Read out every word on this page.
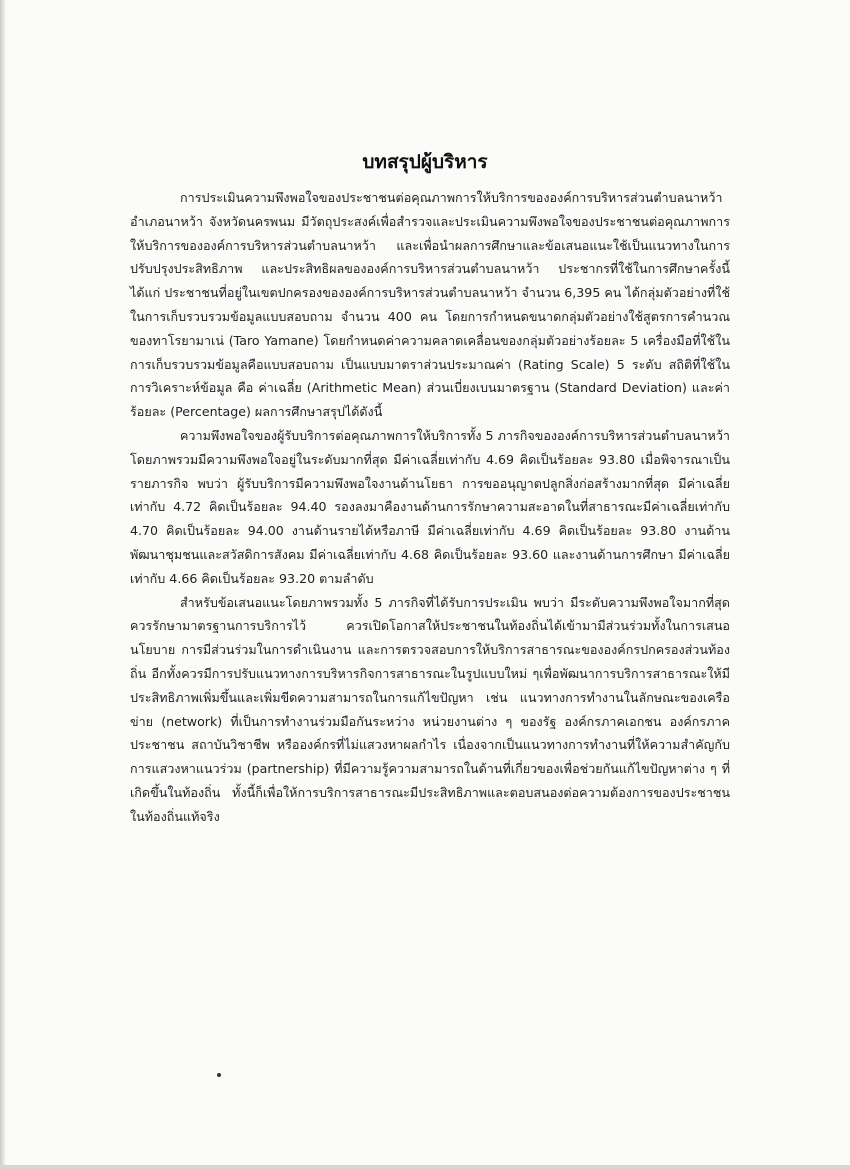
บทสรุปผู้บริหาร

การประเมินความพึงพอใจของประชาชนต่อคุณภาพการให้บริการขององค์การบริหารส่วนตำบลนาหว้า อำเภอนาหว้า จังหวัดนครพนม มีวัตถุประสงค์เพื่อสำรวจและประเมินความพึงพอใจของประชาชนต่อคุณภาพการให้บริการขององค์การบริหารส่วนตำบลนาหว้า และเพื่อนำผลการศึกษาและข้อเสนอแนะใช้เป็นแนวทางในการปรับปรุงประสิทธิภาพ และประสิทธิผลขององค์การบริหารส่วนตำบลนาหว้า ประชากรที่ใช้ในการศึกษาครั้งนี้ได้แก่ ประชาชนที่อยู่ในเขตปกครองขององค์การบริหารส่วนตำบลนาหว้า จำนวน 6,395 คน ได้กลุ่มตัวอย่างที่ใช้ในการเก็บรวบรวมข้อมูลแบบสอบถาม จำนวน 400 คน โดยการกำหนดขนาดกลุ่มตัวอย่างใช้สูตรการคำนวณของทาโรยามาเน่ (Taro Yamane) โดยกำหนดค่าความคลาดเคลื่อนของกลุ่มตัวอย่างร้อยละ 5 เครื่องมือที่ใช้ในการเก็บรวบรวมข้อมูลคือแบบสอบถาม เป็นแบบมาตราส่วนประมาณค่า (Rating Scale) 5 ระดับ สถิติที่ใช้ในการวิเคราะห์ข้อมูล คือ ค่าเฉลี่ย (Arithmetic Mean) ส่วนเบี่ยงเบนมาตรฐาน (Standard Deviation) และค่าร้อยละ (Percentage) ผลการศึกษาสรุปได้ดังนี้

ความพึงพอใจของผู้รับบริการต่อคุณภาพการให้บริการทั้ง 5 ภารกิจขององค์การบริหารส่วนตำบลนาหว้าโดยภาพรวมมีความพึงพอใจอยู่ในระดับมากที่สุด มีค่าเฉลี่ยเท่ากับ 4.69 คิดเป็นร้อยละ 93.80 เมื่อพิจารณาเป็นรายภารกิจ พบว่า ผู้รับบริการมีความพึงพอใจงานด้านโยธา การขออนุญาตปลูกสิ่งก่อสร้างมากที่สุด มีค่าเฉลี่ยเท่ากับ 4.72 คิดเป็นร้อยละ 94.40 รองลงมาคืองานด้านการรักษาความสะอาดในที่สาธารณะมีค่าเฉลี่ยเท่ากับ 4.70 คิดเป็นร้อยละ 94.00 งานด้านรายได้หรือภาษี มีค่าเฉลี่ยเท่ากับ 4.69 คิดเป็นร้อยละ 93.80 งานด้านพัฒนาชุมชนและสวัสดิการสังคม มีค่าเฉลี่ยเท่ากับ 4.68 คิดเป็นร้อยละ 93.60 และงานด้านการศึกษา มีค่าเฉลี่ยเท่ากับ 4.66 คิดเป็นร้อยละ 93.20 ตามลำดับ

สำหรับข้อเสนอแนะโดยภาพรวมทั้ง 5 ภารกิจที่ได้รับการประเมิน พบว่า มีระดับความพึงพอใจมากที่สุด ควรรักษามาตรฐานการบริการไว้ ควรเปิดโอกาสให้ประชาชนในท้องถิ่นได้เข้ามามีส่วนร่วมทั้งในการเสนอนโยบาย การมีส่วนร่วมในการดำเนินงาน และการตรวจสอบการให้บริการสาธารณะขององค์กรปกครองส่วนท้องถิ่น อีกทั้งควรมีการปรับแนวทางการบริหารกิจการสาธารณะในรูปแบบใหม่ ๆเพื่อพัฒนาการบริการสาธารณะให้มีประสิทธิภาพเพิ่มขึ้นและเพิ่มขีดความสามารถในการแก้ไขปัญหา เช่น แนวทางการทำงานในลักษณะของเครือข่าย (network) ที่เป็นการทำงานร่วมมือกันระหว่าง หน่วยงานต่าง ๆ ของรัฐ องค์กรภาคเอกชน องค์กรภาคประชาชน สถาบันวิชาชีพ หรือองค์กรที่ไม่แสวงหาผลกำไร เนื่องจากเป็นแนวทางการทำงานที่ให้ความสำคัญกับการแสวงหาแนวร่วม (partnership) ที่มีความรู้ความสามารถในด้านที่เกี่ยวของเพื่อช่วยกันแก้ไขปัญหาต่าง ๆ ที่เกิดขึ้นในท้องถิ่น ทั้งนี้ก็เพื่อให้การบริการสาธารณะมีประสิทธิภาพและตอบสนองต่อความต้องการของประชาชนในท้องถิ่นแท้จริง
